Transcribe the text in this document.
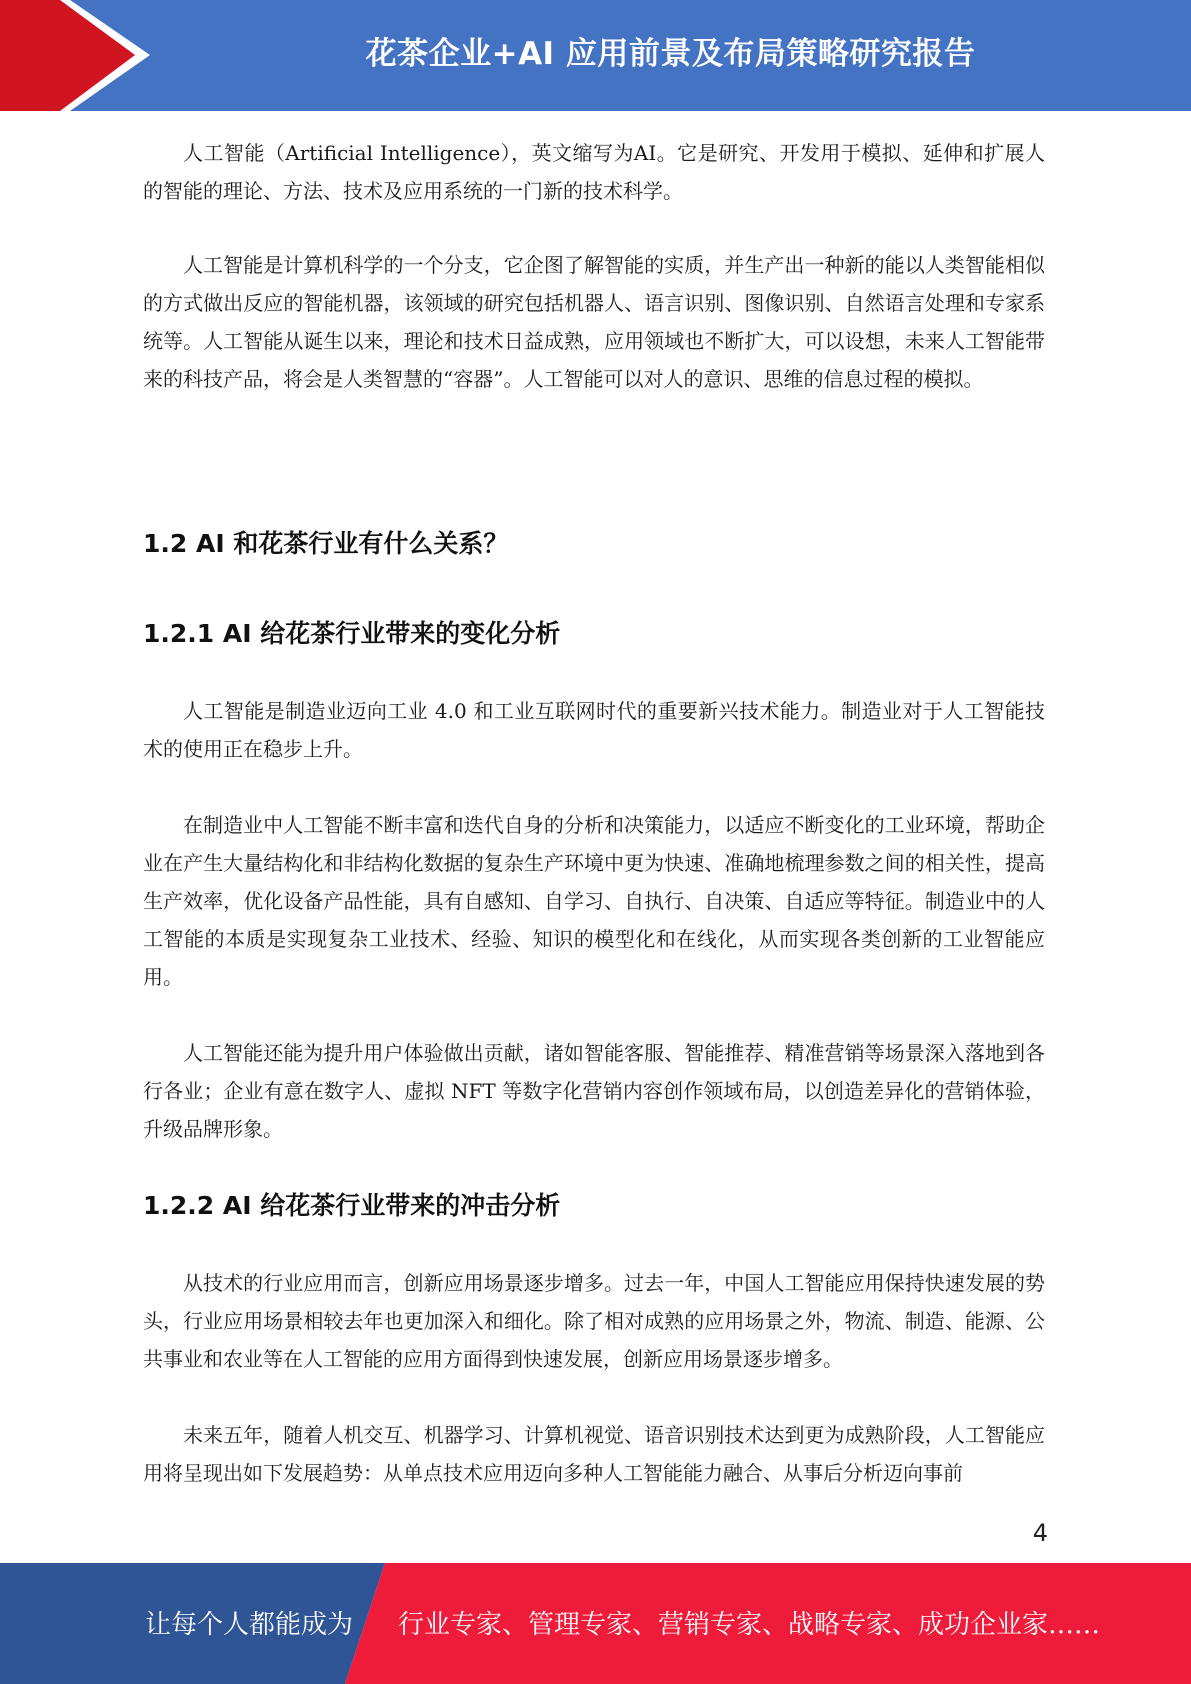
花茶企业+AI 应用前景及布局策略研究报告

人工智能（Artificial Intelligence），英文缩写为AI。它是研究、开发用于模拟、延伸和扩展人的智能的理论、方法、技术及应用系统的一门新的技术科学。

人工智能是计算机科学的一个分支，它企图了解智能的实质，并生产出一种新的能以人类智能相似的方式做出反应的智能机器，该领域的研究包括机器人、语言识别、图像识别、自然语言处理和专家系统等。人工智能从诞生以来，理论和技术日益成熟，应用领域也不断扩大，可以设想，未来人工智能带来的科技产品，将会是人类智慧的“容器”。人工智能可以对人的意识、思维的信息过程的模拟。

1.2 AI 和花茶行业有什么关系？
1.2.1 AI 给花茶行业带来的变化分析

人工智能是制造业迈向工业 4.0 和工业互联网时代的重要新兴技术能力。制造业对于人工智能技术的使用正在稳步上升。

在制造业中人工智能不断丰富和迭代自身的分析和决策能力，以适应不断变化的工业环境，帮助企业在产生大量结构化和非结构化数据的复杂生产环境中更为快速、准确地梳理参数之间的相关性，提高生产效率，优化设备产品性能，具有自感知、自学习、自执行、自决策、自适应等特征。制造业中的人工智能的本质是实现复杂工业技术、经验、知识的模型化和在线化，从而实现各类创新的工业智能应用。

人工智能还能为提升用户体验做出贡献，诸如智能客服、智能推荐、精准营销等场景深入落地到各行各业；企业有意在数字人、虚拟 NFT 等数字化营销内容创作领域布局，以创造差异化的营销体验，升级品牌形象。

1.2.2 AI 给花茶行业带来的冲击分析

从技术的行业应用而言，创新应用场景逐步增多。过去一年，中国人工智能应用保持快速发展的势头，行业应用场景相较去年也更加深入和细化。除了相对成熟的应用场景之外，物流、制造、能源、公共事业和农业等在人工智能的应用方面得到快速发展，创新应用场景逐步增多。

未来五年，随着人机交互、机器学习、计算机视觉、语音识别技术达到更为成熟阶段，人工智能应用将呈现出如下发展趋势：从单点技术应用迈向多种人工智能能力融合、从事后分析迈向事前

4
让每个人都能成为 行业专家、管理专家、营销专家、战略专家、成功企业家……
